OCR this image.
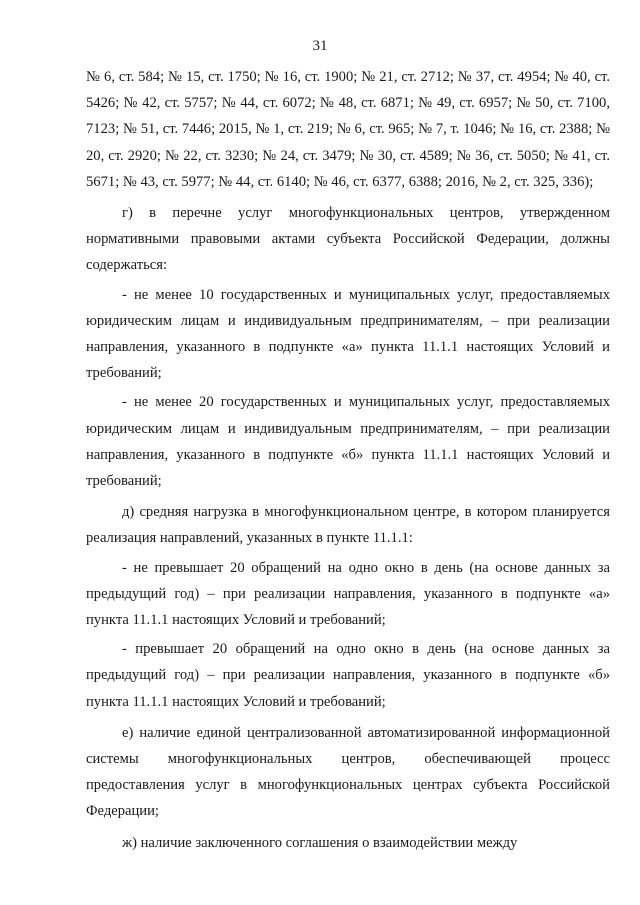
31

№ 6, ст. 584; № 15, ст. 1750; № 16, ст. 1900; № 21, ст. 2712; № 37, ст. 4954; № 40, ст. 5426; № 42, ст. 5757; № 44, ст. 6072; № 48, ст. 6871; № 49, ст. 6957; № 50, ст. 7100, 7123; № 51, ст. 7446; 2015, № 1, ст. 219; № 6, ст. 965; № 7, т. 1046; № 16, ст. 2388; № 20, ст. 2920; № 22, ст. 3230; № 24, ст. 3479; № 30, ст. 4589; № 36, ст. 5050; № 41, ст. 5671; № 43, ст. 5977; № 44, ст. 6140; № 46, ст. 6377, 6388; 2016, № 2, ст. 325, 336);

г) в перечне услуг многофункциональных центров, утвержденном нормативными правовыми актами субъекта Российской Федерации, должны содержаться:

- не менее 10 государственных и муниципальных услуг, предоставляемых юридическим лицам и индивидуальным предпринимателям, – при реализации направления, указанного в подпункте «а» пункта 11.1.1 настоящих Условий и требований;

- не менее 20 государственных и муниципальных услуг, предоставляемых юридическим лицам и индивидуальным предпринимателям, – при реализации направления, указанного в подпункте «б» пункта 11.1.1 настоящих Условий и требований;

д) средняя нагрузка в многофункциональном центре, в котором планируется реализация направлений, указанных в пункте 11.1.1:

- не превышает 20 обращений на одно окно в день (на основе данных за предыдущий год) – при реализации направления, указанного в подпункте «а» пункта 11.1.1 настоящих Условий и требований;

- превышает 20 обращений на одно окно в день (на основе данных за предыдущий год) – при реализации направления, указанного в подпункте «б» пункта 11.1.1 настоящих Условий и требований;

е) наличие единой централизованной автоматизированной информационной системы многофункциональных центров, обеспечивающей процесс предоставления услуг в многофункциональных центрах субъекта Российской Федерации;

ж) наличие заключенного соглашения о взаимодействии между
